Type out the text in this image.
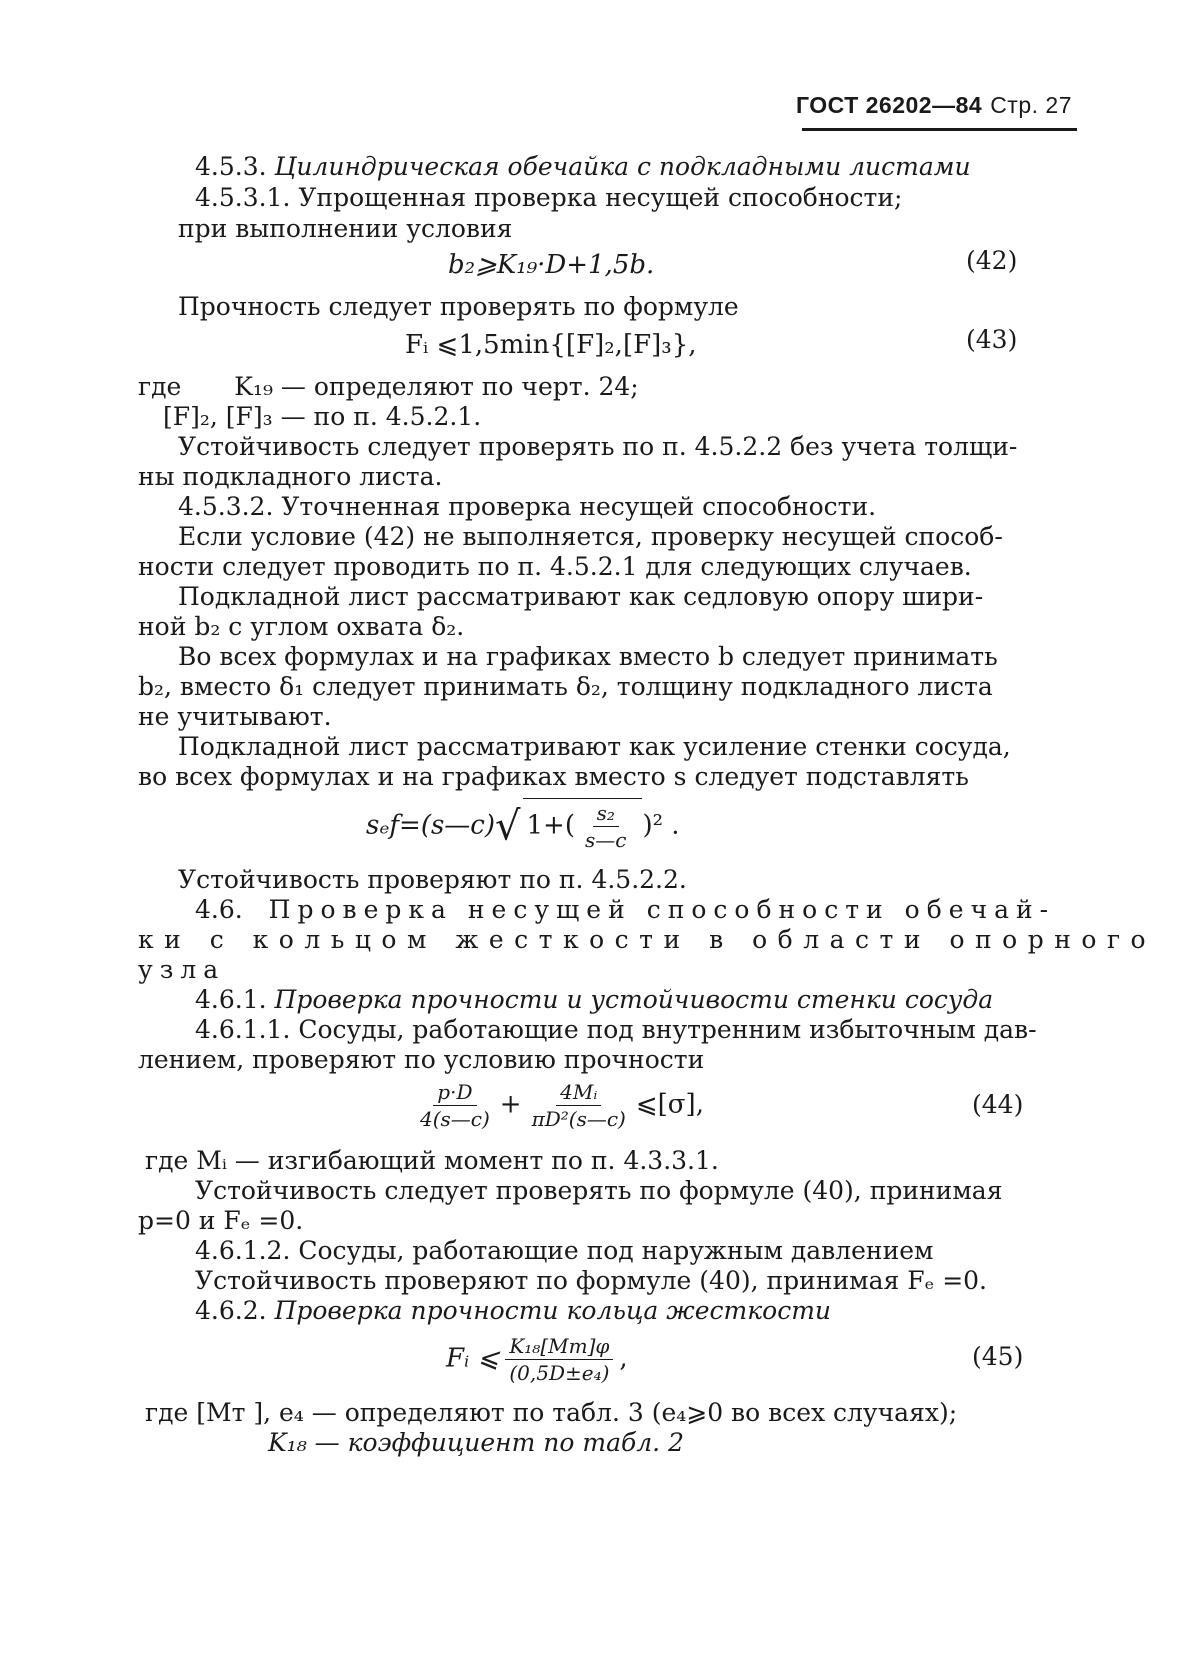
ГОСТ 26202—84 Стр. 27
4.5.3. Цилиндрическая обечайка с подкладными листами
4.5.3.1. Упрощенная проверка несущей способности;
при выполнении условия
b₂⩾K₁₉·D+1,5b.	(42)
Прочность следует проверять по формуле
Fᵢ ⩽1,5min{[F]₂,[F]₃},	(43)
где K₁₉ — определяют по черт. 24;
[F]₂, [F]₃ — по п. 4.5.2.1.
Устойчивость следует проверять по п. 4.5.2.2 без учета толщи-
ны подкладного листа.
4.5.3.2. Уточненная проверка несущей способности.
Если условие (42) не выполняется, проверку несущей способ-
ности следует проводить по п. 4.5.2.1 для следующих случаев.
Подкладной лист рассматривают как седловую опору шири-
ной b₂ с углом охвата δ₂.
Во всех формулах и на графиках вместо b следует принимать
b₂, вместо δ₁ следует принимать δ₂, толщину подкладного листа
не учитывают.
Подкладной лист рассматривают как усиление стенки сосуда,
во всех формулах и на графиках вместо s следует подставлять
sₑf=(s—c)√ $1+( \frac{\text{s₂}}{s—c} )^2$ .
Устойчивость проверяют по п. 4.5.2.2.
4.6. Проверка несущей способности обечай-
ки с кольцом жесткости в области опорного
узла
4.6.1. Проверка прочности и устойчивости стенки сосуда
4.6.1.1. Сосуды, работающие под внутренним избыточным дав-
лением, проверяют по условию прочности
$\frac{p\cdot D}{4(s—c)} + \frac{\text{4Mᵢ}}{\text{πD²(s—c)}}$ ⩽[σ],	(44)
где Mᵢ — изгибающий момент по п. 4.3.3.1.
Устойчивость следует проверять по формуле (40), принимая
p=0 и Fₑ =0.
4.6.1.2. Сосуды, работающие под наружным давлением
Устойчивость проверяют по формуле (40), принимая Fₑ =0.
4.6.2. Проверка прочности кольца жесткости
Fᵢ ⩽ $\frac{\text{K₁₈[Mт]φ}}{\text{(0,5D±e₄)}}$ ,	(45)
где [Mт ], e₄ — определяют по табл. 3 (e₄⩾0 во всех случаях);
K₁₈ — коэффициент по табл. 2
